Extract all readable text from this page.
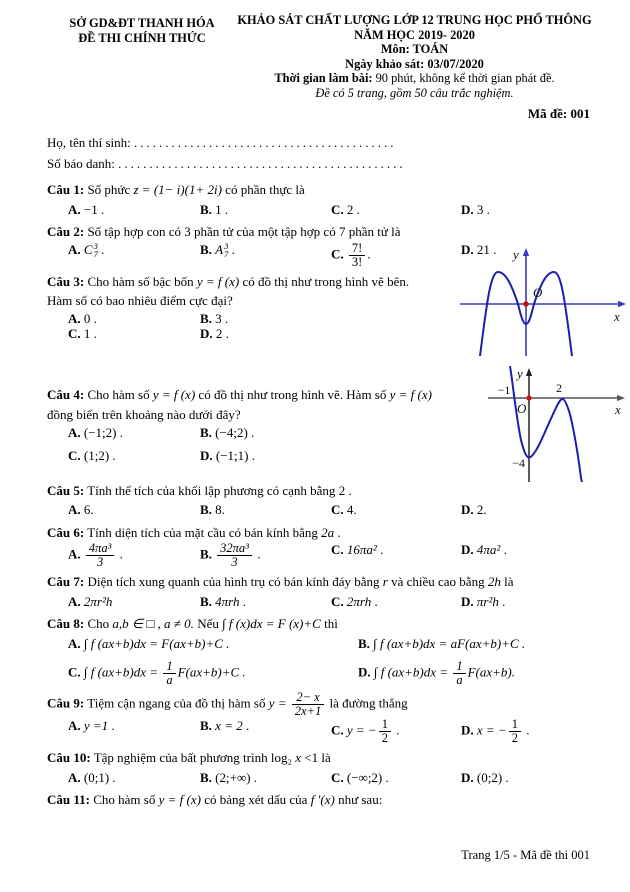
SỞ GD&ĐT THANH HÓA
ĐỀ THI CHÍNH THỨC
KHẢO SÁT CHẤT LƯỢNG LỚP 12 TRUNG HỌC PHỔ THÔNG
NĂM HỌC 2019- 2020
Môn: TOÁN
Ngày khảo sát: 03/07/2020
Thời gian làm bài: 90 phút, không kể thời gian phát đề.
Đề có 5 trang, gồm 50 câu trắc nghiệm.
Mã đề: 001
Họ, tên thí sinh: ..........................................
Số báo danh: ..............................................
Câu 1: Số phức z = (1− i)(1+ 2i) có phần thực là
A. −1 .	B. 1 .	C. 2 .	D. 3 .
Câu 2: Số tập hợp con có 3 phần tử của một tập hợp có 7 phần tử là
A. C 3
7 .	B. A 3
7 .	C. $\frac{7!}{3!}$ .	D. 21 .
Câu 3: Cho hàm số bậc bốn y = f (x) có đồ thị như trong hình vẽ bên.
Hàm số có bao nhiêu điểm cực đại?
A. 0 .	B. 3 .
C. 1 .	D. 2 .
Câu 4: Cho hàm số y = f (x) có đồ thị như trong hình vẽ. Hàm số y = f (x)
đồng biến trên khoảng nào dưới đây?
A. (−1;2) .	B. (−4;2) .
C. (1;2) .	D. (−1;1) .
Câu 5: Tính thể tích của khối lập phương có cạnh bằng 2 .
A. 6.	B. 8.	C. 4.	D. 2.
Câu 6: Tính diện tích của mặt cầu có bán kính bằng 2a .
A. $\frac{\text{4πa³}}{3}$ .	B. $\frac{\text{32πa³}}{3}$ .	C. 16πa² .	D. 4πa² .
Câu 7: Diện tích xung quanh của hình trụ có bán kính đáy bằng r và chiều cao bằng 2h là
A. 2πr²h	B. 4πrh .	C. 2πrh .	D. πr²h .
Câu 8: Cho a,b ∈ □ , a ≠ 0. Nếu ∫ f (x)dx = F (x)+C thì
A. ∫ f (ax+b)dx = F(ax+b)+C .	B. ∫ f (ax+b)dx = aF(ax+b)+C .
C. ∫ f $(ax+b)dx = \frac{1}{a} F(ax+b)+C$ .	D. ∫ f $(ax+b)dx = \frac{1}{a} F(ax+b)$.
Câu 9: Tiệm cận ngang của đồ thị hàm số $y = \frac{2- x}{2x+1}$ là đường thẳng
A. y =1 .	B. x = 2 .	C. y = − $\frac{1}{2}$ .	D. x = − $\frac{1}{2}$ .
Câu 10: Tập nghiệm của bất phương trình log₂ x <1 là
A. (0;1) .	B. (2;+∞) .	C. (−∞;2) .	D. (0;2) .
Câu 11: Cho hàm số y = f (x) có bảng xét dấu của f ′(x) như sau:
O
y
x
−1	2
−4
O
y
x
Trang 1/5 - Mã đề thi 001
